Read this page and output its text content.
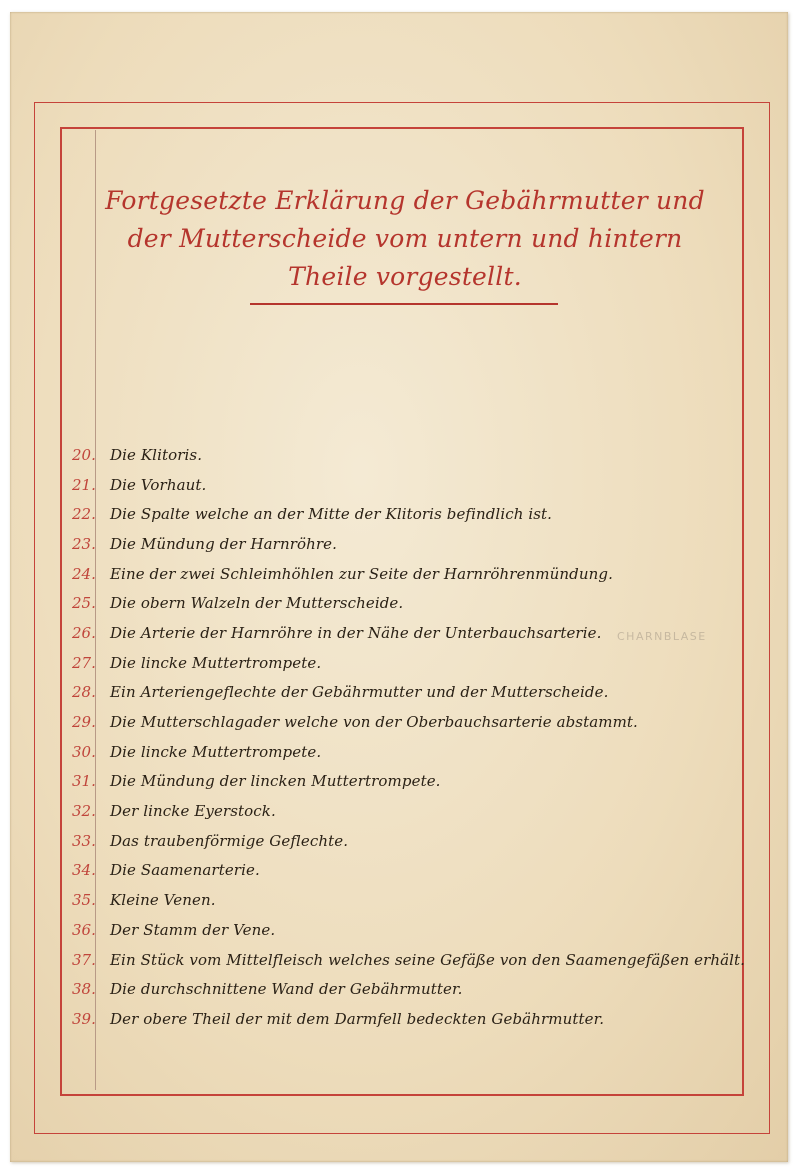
Fortgesetzte Erklärung der Gebährmutter und der Mutterscheide vom untern und hintern Theile vorgestellt.
20. Die Klitoris.
21. Die Vorhaut.
22. Die Spalte welche an der Mitte der Klitoris befindlich ist.
23. Die Mündung der Harnröhre.
24. Eine der zwei Schleimhöhlen zur Seite der Harnröhrenmündung.
25. Die obern Walzeln der Mutterscheide.
26. Die Arterie der Harnröhre in der Nähe der Unterbauchsarterie.
27. Die lincke Muttertrompete.
28. Ein Arteriengeflechte der Gebährmutter und der Mutterscheide.
29. Die Mutterschlagader welche von der Oberbauchsarterie abstammt.
30. Die lincke Muttertrompete.
31. Die Mündung der lincken Muttertrompete.
32. Der lincke Eyerstock.
33. Das traubenförmige Geflechte.
34. Die Saamenarterie.
35. Kleine Venen.
36. Der Stamm der Vene.
37. Ein Stück vom Mittelfleisch welches seine Gefäße von den Saamengefäßen erhält.
38. Die durchschnittene Wand der Gebährmutter.
39. Der obere Theil der mit dem Darmfell bedeckten Gebährmutter.
CHARNBLASE
